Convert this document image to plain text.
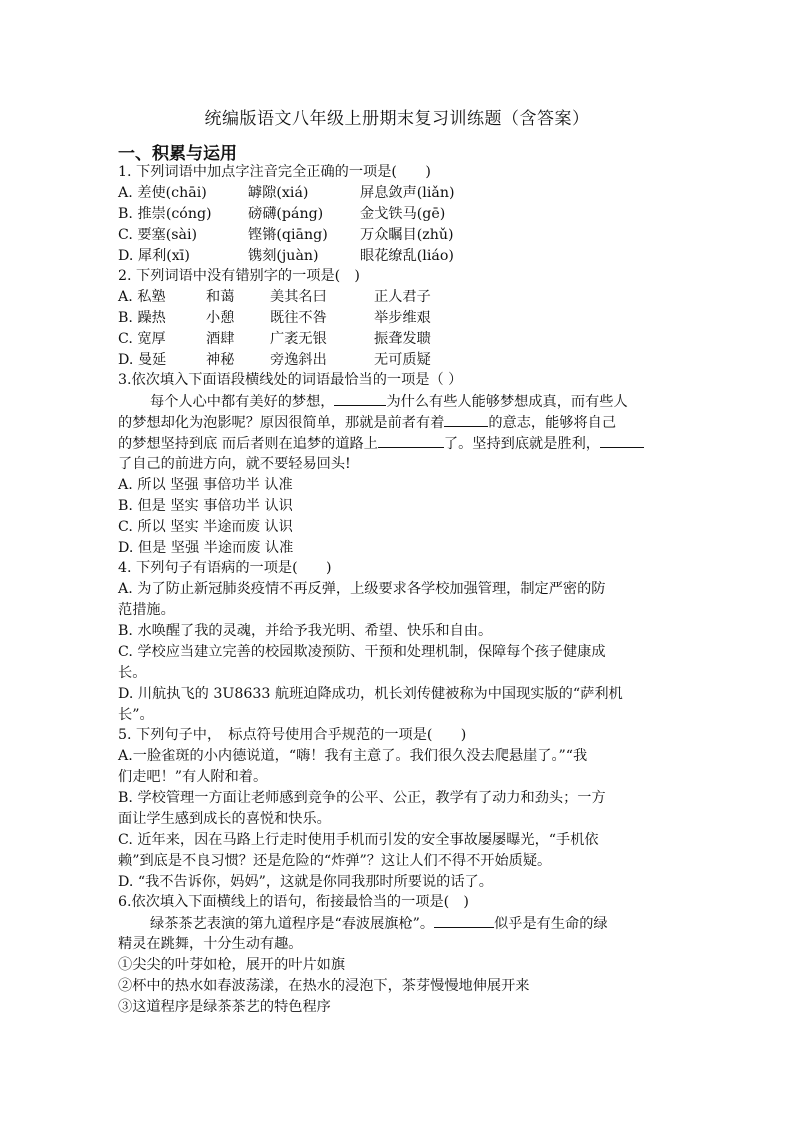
统编版语文八年级上册期末复习训练题（含答案）
一、积累与运用
1. 下列词语中加点字注音完全正确的一项是(　　)
A. 差使(chāi)	罅隙(xiá)	屏息敛声(liǎn)
B. 推崇(cóng)	磅礴(páng)	金戈铁马(gē)
C. 要塞(sài)	铿锵(qiāng) 万众瞩目(zhǔ)
D. 犀利(xī)	镌刻(juàn)	眼花缭乱(liáo)
2. 下列词语中没有错别字的一项是(　)
A. 私塾	和蔼	美其名曰	正人君子
B. 躁热	小憩	既往不咎	举步维艰
C. 宽厚	酒肆	广袤无银	振聋发聩
D. 曼延	神秘	旁逸斜出	无可质疑
3.依次填入下面语段横线处的词语最恰当的一项是（ ）
每个人心中都有美好的梦想，	为什么有些人能够梦想成真，而有些人
的梦想却化为泡影呢？原因很简单，那就是前者有着	的意志，能够将自己
的梦想坚持到底 而后者则在追梦的道路上	了。坚持到底就是胜利，
了自己的前进方向，就不要轻易回头!
A. 所以 坚强 事倍功半 认准
B. 但是 坚实 事倍功半 认识
C. 所以 坚实 半途而废 认识
D. 但是 坚强 半途而废 认准
4. 下列句子有语病的一项是(　　)
A. 为了防止新冠肺炎疫情不再反弹，上级要求各学校加强管理，制定严密的防
范措施。
B. 水唤醒了我的灵魂，并给予我光明、希望、快乐和自由。
C. 学校应当建立完善的校园欺凌预防、干预和处理机制，保障每个孩子健康成
长。
D. 川航执飞的 3U8633 航班迫降成功，机长刘传健被称为中国现实版的“萨利机
长”。
5. 下列句子中，　标点符号使用合乎规范的一项是(　　)
A.一脸雀斑的小内德说道，“嗨！我有主意了。我们很久没去爬悬崖了。”“我
们走吧！”有人附和着。
B. 学校管理一方面让老师感到竞争的公平、公正，教学有了动力和劲头；一方
面让学生感到成长的喜悦和快乐。
C. 近年来，因在马路上行走时使用手机而引发的安全事故屡屡曝光，“手机依
赖”到底是不良习惯？还是危险的“炸弹”？这让人们不得不开始质疑。
D. “我不告诉你，妈妈”，这就是你同我那时所要说的话了。
6.依次填入下面横线上的语句，衔接最恰当的一项是(　)
绿茶茶艺表演的第九道程序是“春波展旗枪”。	似乎是有生命的绿
精灵在跳舞，十分生动有趣。
①尖尖的叶芽如枪，展开的叶片如旗
②杯中的热水如春波荡漾，在热水的浸泡下，茶芽慢慢地伸展开来
③这道程序是绿茶茶艺的特色程序
